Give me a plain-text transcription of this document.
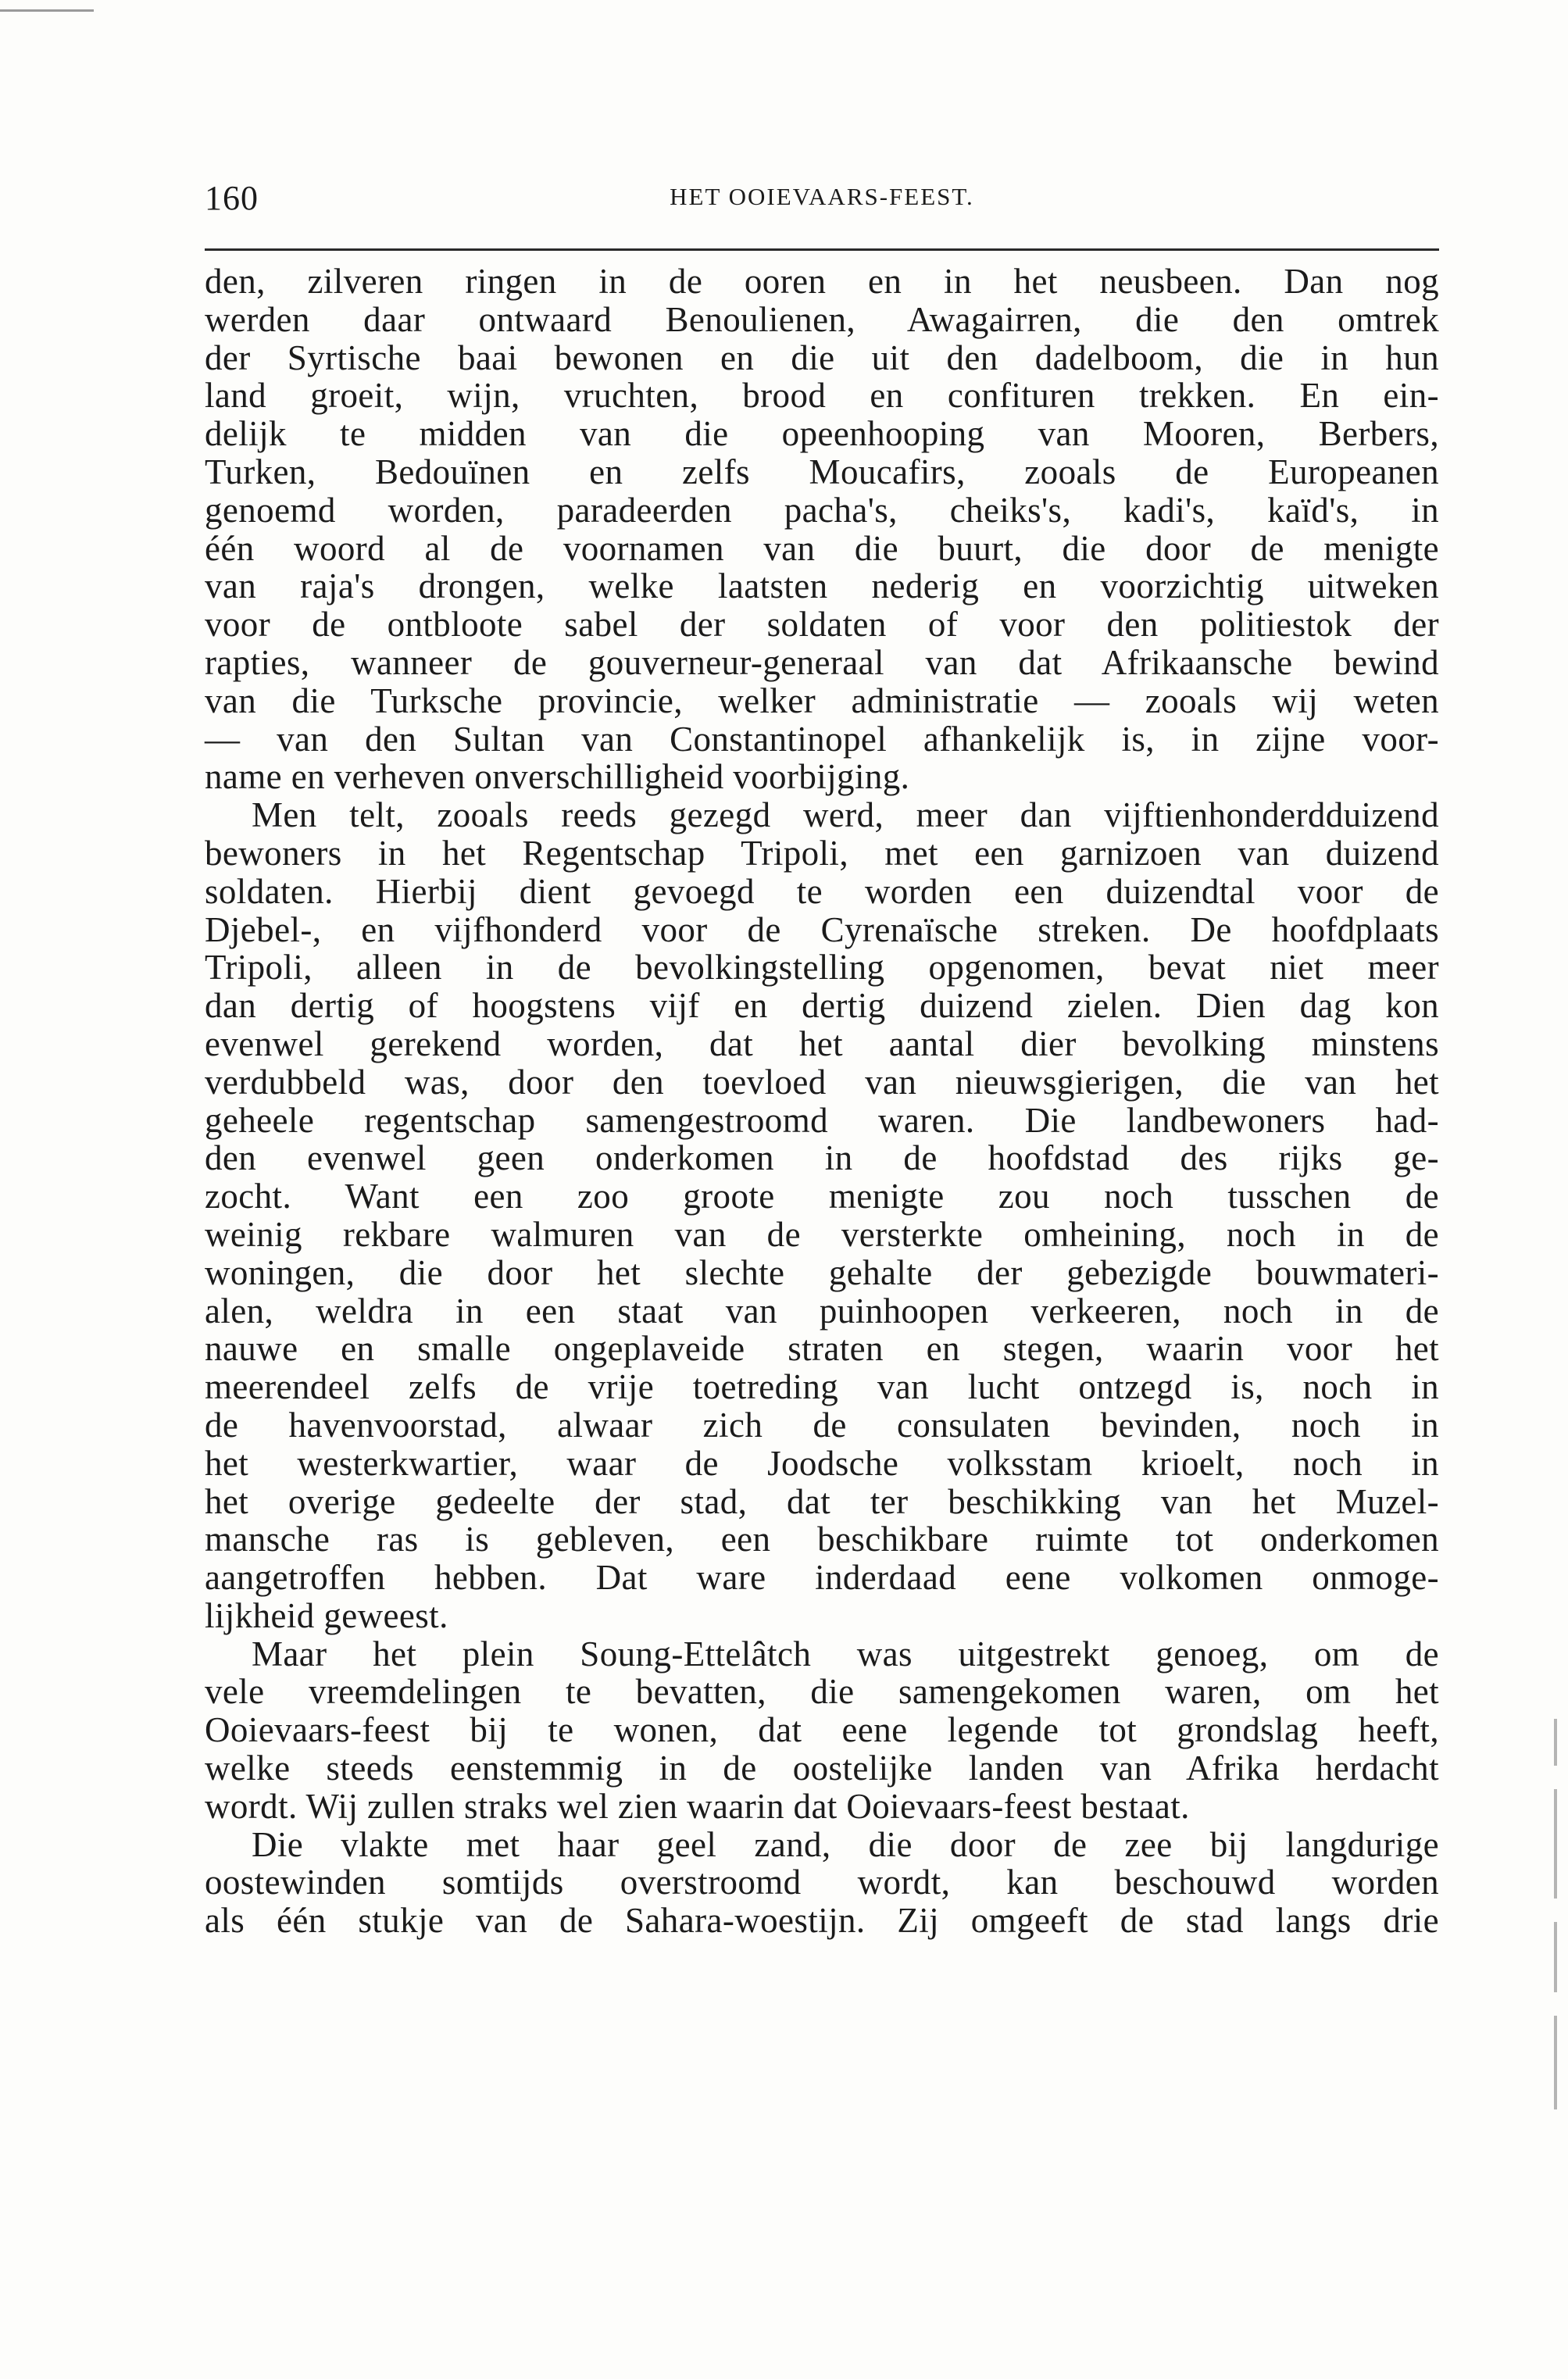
160	HET OOIEVAARS-FEEST.

den, zilveren ringen in de ooren en in het neusbeen. Dan nog
werden daar ontwaard Benoulienen, Awagairren, die den omtrek
der Syrtische baai bewonen en die uit den dadelboom, die in hun
land groeit, wijn, vruchten, brood en confituren trekken. En ein-
delijk te midden van die opeenhooping van Mooren, Berbers,
Turken, Bedouïnen en zelfs Moucafirs, zooals de Europeanen
genoemd worden, paradeerden pacha's, cheiks's, kadi's, kaïd's, in
één woord al de voornamen van die buurt, die door de menigte
van raja's drongen, welke laatsten nederig en voorzichtig uitweken
voor de ontbloote sabel der soldaten of voor den politiestok der
rapties, wanneer de gouverneur-generaal van dat Afrikaansche bewind
van die Turksche provincie, welker administratie — zooals wij weten
— van den Sultan van Constantinopel afhankelijk is, in zijne voor-
name en verheven onverschilligheid voorbijging.

Men telt, zooals reeds gezegd werd, meer dan vijftienhonderdduizend
bewoners in het Regentschap Tripoli, met een garnizoen van duizend
soldaten. Hierbij dient gevoegd te worden een duizendtal voor de
Djebel-, en vijfhonderd voor de Cyrenaïsche streken. De hoofdplaats
Tripoli, alleen in de bevolkingstelling opgenomen, bevat niet meer
dan dertig of hoogstens vijf en dertig duizend zielen. Dien dag kon
evenwel gerekend worden, dat het aantal dier bevolking minstens
verdubbeld was, door den toevloed van nieuwsgierigen, die van het
geheele regentschap samengestroomd waren. Die landbewoners had-
den evenwel geen onderkomen in de hoofdstad des rijks ge-
zocht. Want een zoo groote menigte zou noch tusschen de
weinig rekbare walmuren van de versterkte omheining, noch in de
woningen, die door het slechte gehalte der gebezigde bouwmateri-
alen, weldra in een staat van puinhoopen verkeeren, noch in de
nauwe en smalle ongeplaveide straten en stegen, waarin voor het
meerendeel zelfs de vrije toetreding van lucht ontzegd is, noch in
de havenvoorstad, alwaar zich de consulaten bevinden, noch in
het westerkwartier, waar de Joodsche volksstam krioelt, noch in
het overige gedeelte der stad, dat ter beschikking van het Muzel-
mansche ras is gebleven, een beschikbare ruimte tot onderkomen
aangetroffen hebben. Dat ware inderdaad eene volkomen onmoge-
lijkheid geweest.

Maar het plein Soung-Ettelâtch was uitgestrekt genoeg, om de
vele vreemdelingen te bevatten, die samengekomen waren, om het
Ooievaars-feest bij te wonen, dat eene legende tot grondslag heeft,
welke steeds eenstemmig in de oostelijke landen van Afrika herdacht
wordt. Wij zullen straks wel zien waarin dat Ooievaars-feest bestaat.

Die vlakte met haar geel zand, die door de zee bij langdurige
oostewinden somtijds overstroomd wordt, kan beschouwd worden
als één stukje van de Sahara-woestijn. Zij omgeeft de stad langs drie
